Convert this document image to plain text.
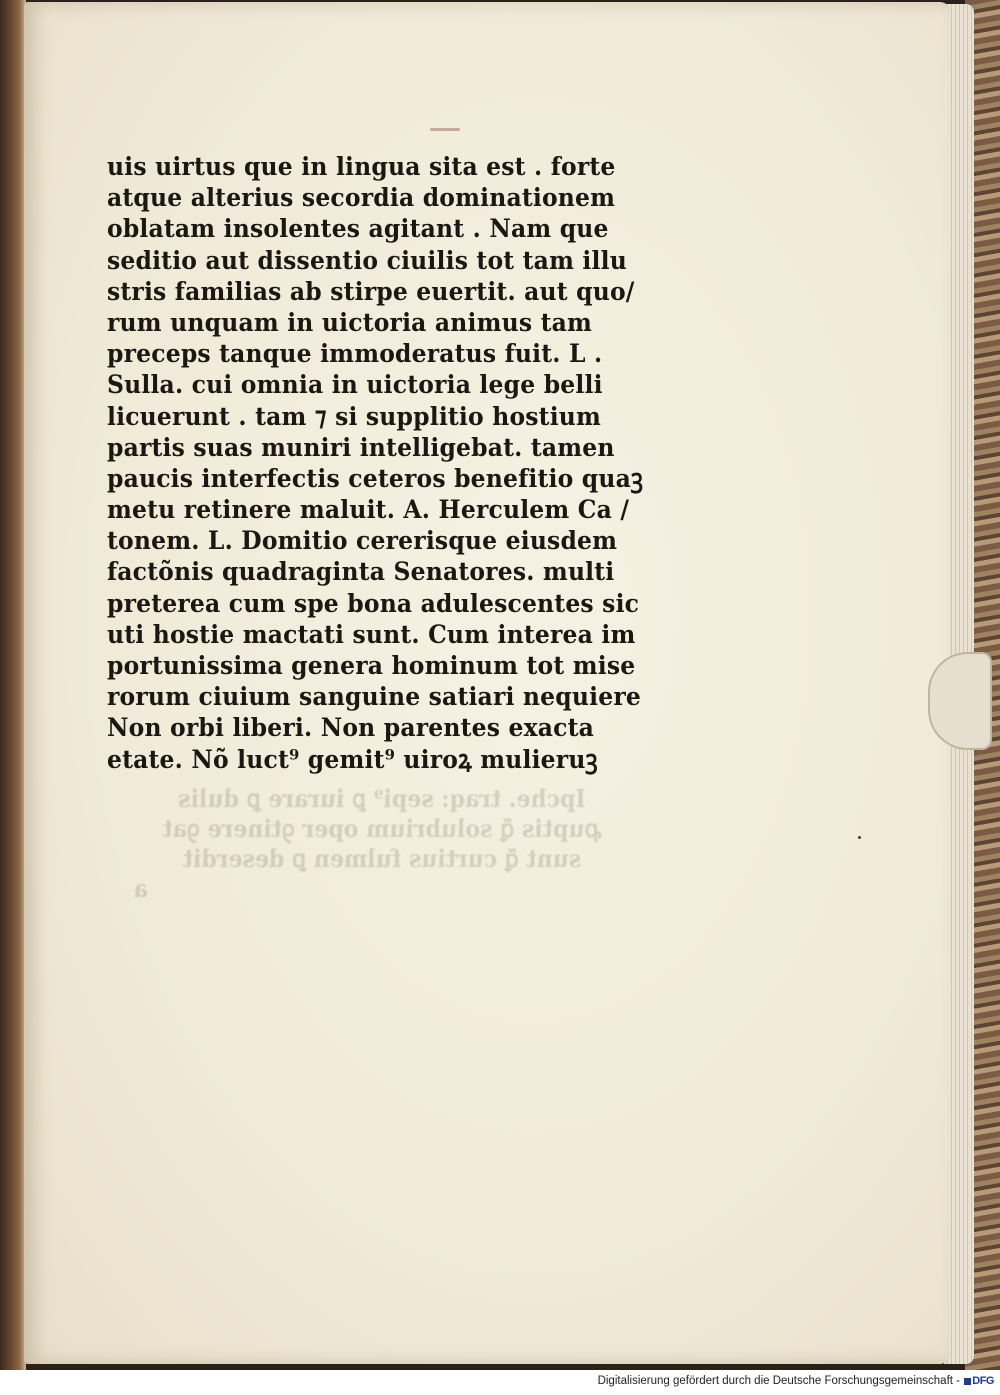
Ipche. traq: sepi⁹ ꝑ iurare ꝑ dulis
ꝓuptis ꝗ̃ solubrium oper ꝯtinere ꝯat
sunt ꝗ̃ curtius fulmen ꝑ deserdit
a
uis uirtus que in lingua sita est . forte
atque alterius secordia dominationem
oblatam insolentes agitant . Nam que
seditio aut dissentio ciuilis tot tam illu
stris familias ab stirpe euertit. aut quo/
rum unquam in uictoria animus tam
preceps tanque immoderatus fuit. L .
Sulla. cui omnia in uictoria lege belli
licuerunt . tam ⁊ si supplitio hostium
partis suas muniri intelligebat. tamen
paucis interfectis ceteros benefitio quaꝫ
metu retinere maluit. A. Herculem Ca /
tonem. L. Domitio cererisque eiusdem
factõnis quadraginta Senatores. multi
preterea cum spe bona adulescentes sic
uti hostie mactati sunt. Cum interea im
portunissima genera hominum tot mise
rorum ciuium sanguine satiari nequiere
Non orbi liberi. Non parentes exacta
etate. Nõ luct⁹ gemit⁹ uiroꝝ mulieruꝫ
Digitalisierung gefördert durch die Deutsche Forschungsgemeinschaft -	DFG
